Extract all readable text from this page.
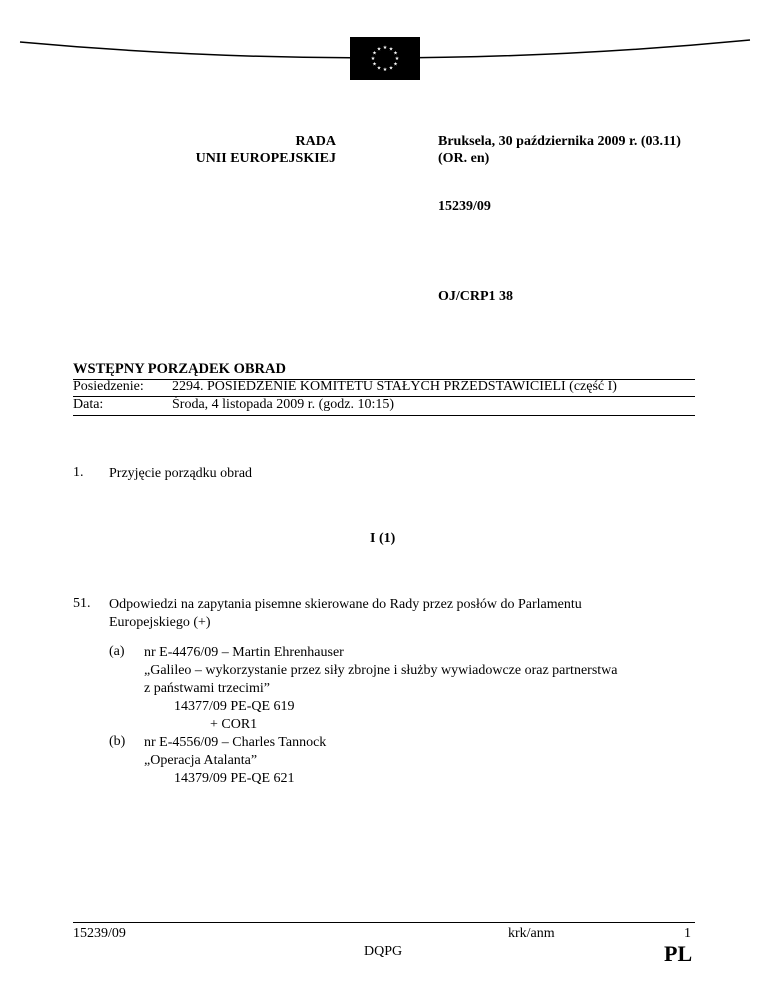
★ ★
★
★
★
★
★
★
★
★
★
★
RADA
UNII EUROPEJSKIEJ
Bruksela, 30 października 2009 r. (03.11)
(OR. en)
15239/09
OJ/CRP1 38
WSTĘPNY PORZĄDEK OBRAD
Posiedzenie: 2294. POSIEDZENIE KOMITETU STAŁYCH PRZEDSTAWICIELI (część I)
Data:	Środa, 4 listopada 2009 r. (godz. 10:15)
1. Przyjęcie porządku obrad
I (1)
51. Odpowiedzi na zapytania pisemne skierowane do Rady przez posłów do Parlamentu
Europejskiego (+)
(a) nr E-4476/09 – Martin Ehrenhauser
„Galileo – wykorzystanie przez siły zbrojne i służby wywiadowcze oraz partnerstwa
z państwami trzecimi”
14377/09 PE-QE 619
+ COR1
(b) nr E-4556/09 – Charles Tannock
„Operacja Atalanta”
14379/09 PE-QE 621
15239/09	krk/anm	1
DQPG	PL
